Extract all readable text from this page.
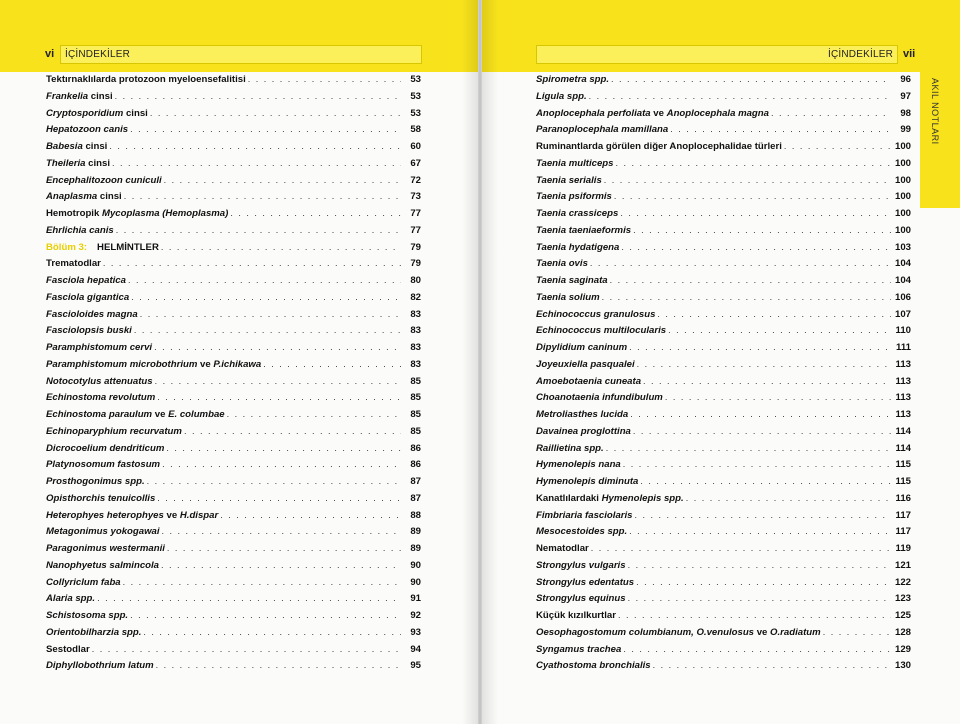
vi İÇİNDEKİLER
Tektırnaklılarda protozoon myeloensefalitisi . . .	53
Frankelia cinsi . . .	53
Cryptosporidium cinsi . . .	53
Hepatozoon canis . . .	58
Babesia cinsi . . .	60
Theileria cinsi . . .	67
Encephalitozoon cuniculi . . .	72
Anaplasma cinsi . . .	73
Hemotropik Mycoplasma (Hemoplasma) . . .	77
Ehrlichia canis . . .	77
Bölüm 3: HELMİNTLER . . .	79
Trematodlar . . .	79
Fasciola hepatica . . .	80
Fasciola gigantica . . .	82
Fascioloides magna . . .	83
Fasciolopsis buski . . .	83
Paramphistomum cervi . . .	83
Paramphistomum microbothrium ve P.ichikawa . . .	83
Notocotylus attenuatus . . .	85
Echinostoma revolutum . . .	85
Echinostoma paraulum ve E. columbae . . .	85
Echinoparyphium recurvatum . . .	85
Dicrocoelium dendriticum . . .	86
Platynosomum fastosum . . .	86
Prosthogonimus spp. . . .	87
Opisthorchis tenuicollis . . .	87
Heterophyes heterophyes ve H.dispar . . .	88
Metagonimus yokogawai . . .	89
Paragonimus westermanii . . .	89
Nanophyetus salmincola . . .	90
Collyriclum faba . . .	90
Alaria spp. . . .	91
Schistosoma spp. . . .	92
Orientobilharzia spp. . . .	93
Sestodlar . . .	94
Diphyllobothrium latum . . .	95
İÇİNDEKİLER vii
AKIL NOTLARI
Spirometra spp. . . .	96
Ligula spp. . . .	97
Anoplocephala perfoliata ve Anoplocephala magna . . .	98
Paranoplocephala mamillana . . .	99
Ruminantlarda görülen diğer Anoplocephalidae türleri . . .	100
Taenia multiceps . . .	100
Taenia serialis . . .	100
Taenia psiformis . . .	100
Taenia crassiceps . . .	100
Taenia taeniaeformis . . .	100
Taenia hydatigena . . .	103
Taenia ovis . . .	104
Taenia saginata . . .	104
Taenia solium . . .	106
Echinococcus granulosus . . .	107
Echinococcus multilocularis . . .	110
Dipylidium caninum . . .	111
Joyeuxiella pasqualei . . .	113
Amoebotaenia cuneata . . .	113
Choanotaenia infundibulum . . .	113
Metroliasthes lucida . . .	113
Davainea proglottina . . .	114
Raillietina spp. . . .	114
Hymenolepis nana . . .	115
Hymenolepis diminuta . . .	115
Kanatlılardaki Hymenolepis spp. . . .	116
Fimbriaria fasciolaris . . .	117
Mesocestoides spp. . . .	117
Nematodlar . . .	119
Strongylus vulgaris . . .	121
Strongylus edentatus . . .	122
Strongylus equinus . . .	123
Küçük kızılkurtlar . . .	125
Oesophagostomum columbianum, O.venulosus ve O.radiatum . . .	128
Syngamus trachea . . .	129
Cyathostoma bronchialis . . .	130
